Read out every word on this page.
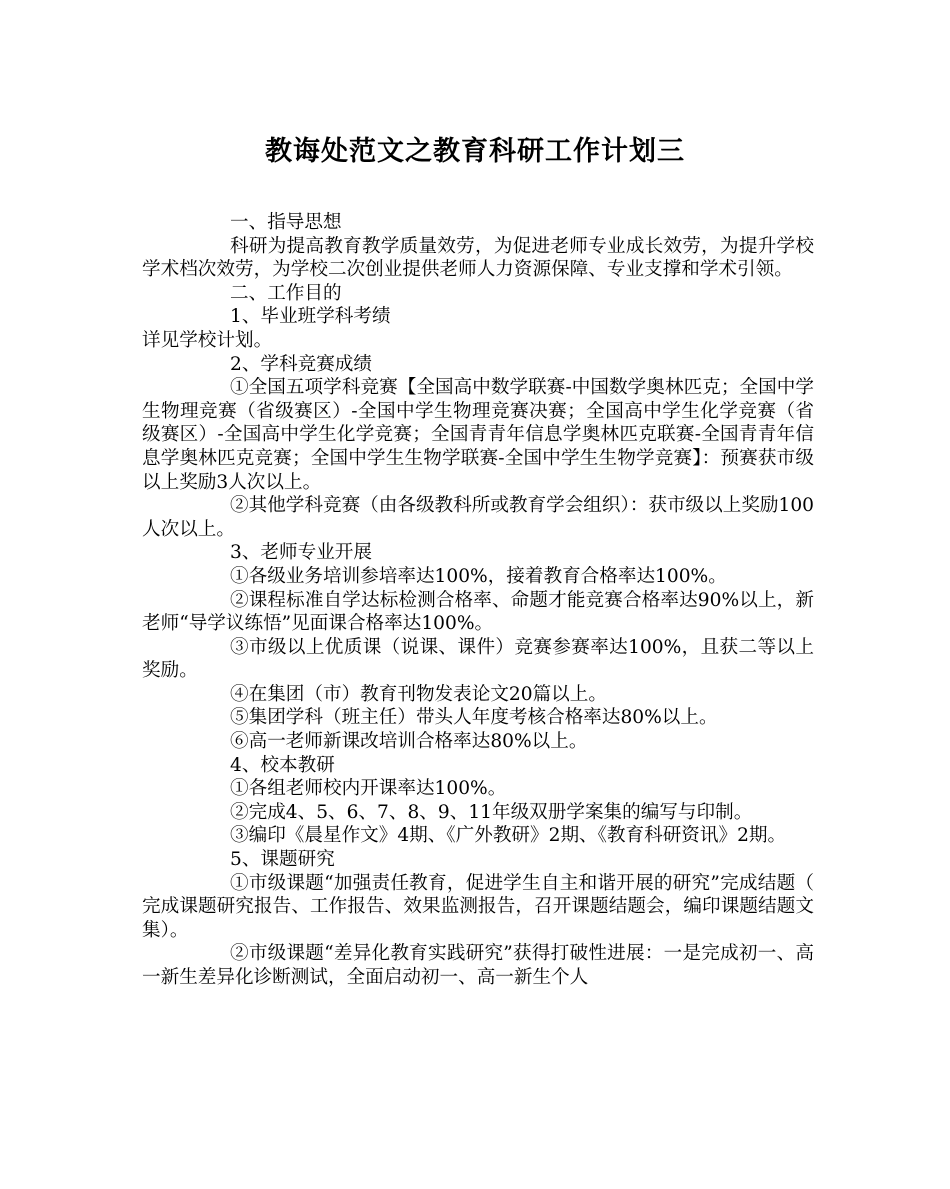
教诲处范文之教育科研工作计划三

一、指导思想

科研为提高教育教学质量效劳，为促进老师专业成长效劳，为提升学校学术档次效劳，为学校二次创业提供老师人力资源保障、专业支撑和学术引领。

二、工作目的

1、毕业班学科考绩

详见学校计划。

2、学科竞赛成绩

①全国五项学科竞赛【全国高中数学联赛-中国数学奥林匹克；全国中学生物理竞赛（省级赛区）-全国中学生物理竞赛决赛；全国高中学生化学竞赛（省级赛区）-全国高中学生化学竞赛；全国青青年信息学奥林匹克联赛-全国青青年信息学奥林匹克竞赛；全国中学生生物学联赛-全国中学生生物学竞赛】：预赛获市级以上奖励3人次以上。

②其他学科竞赛（由各级教科所或教育学会组织）：获市级以上奖励100人次以上。

3、老师专业开展

①各级业务培训参培率达100%，接着教育合格率达100%。

②课程标准自学达标检测合格率、命题才能竞赛合格率达90%以上，新老师“导学议练悟”见面课合格率达100%。

③市级以上优质课（说课、课件）竞赛参赛率达100%，且获二等以上奖励。

④在集团（市）教育刊物发表论文20篇以上。

⑤集团学科（班主任）带头人年度考核合格率达80%以上。

⑥高一老师新课改培训合格率达80%以上。

4、校本教研

①各组老师校内开课率达100%。

②完成4、5、6、7、8、9、11年级双册学案集的编写与印制。

③编印《晨星作文》4期、《广外教研》2期、《教育科研资讯》2期。

5、课题研究

①市级课题“加强责任教育，促进学生自主和谐开展的研究”完成结题（完成课题研究报告、工作报告、效果监测报告，召开课题结题会，编印课题结题文集）。

②市级课题“差异化教育实践研究”获得打破性进展：一是完成初一、高一新生差异化诊断测试，全面启动初一、高一新生个人
